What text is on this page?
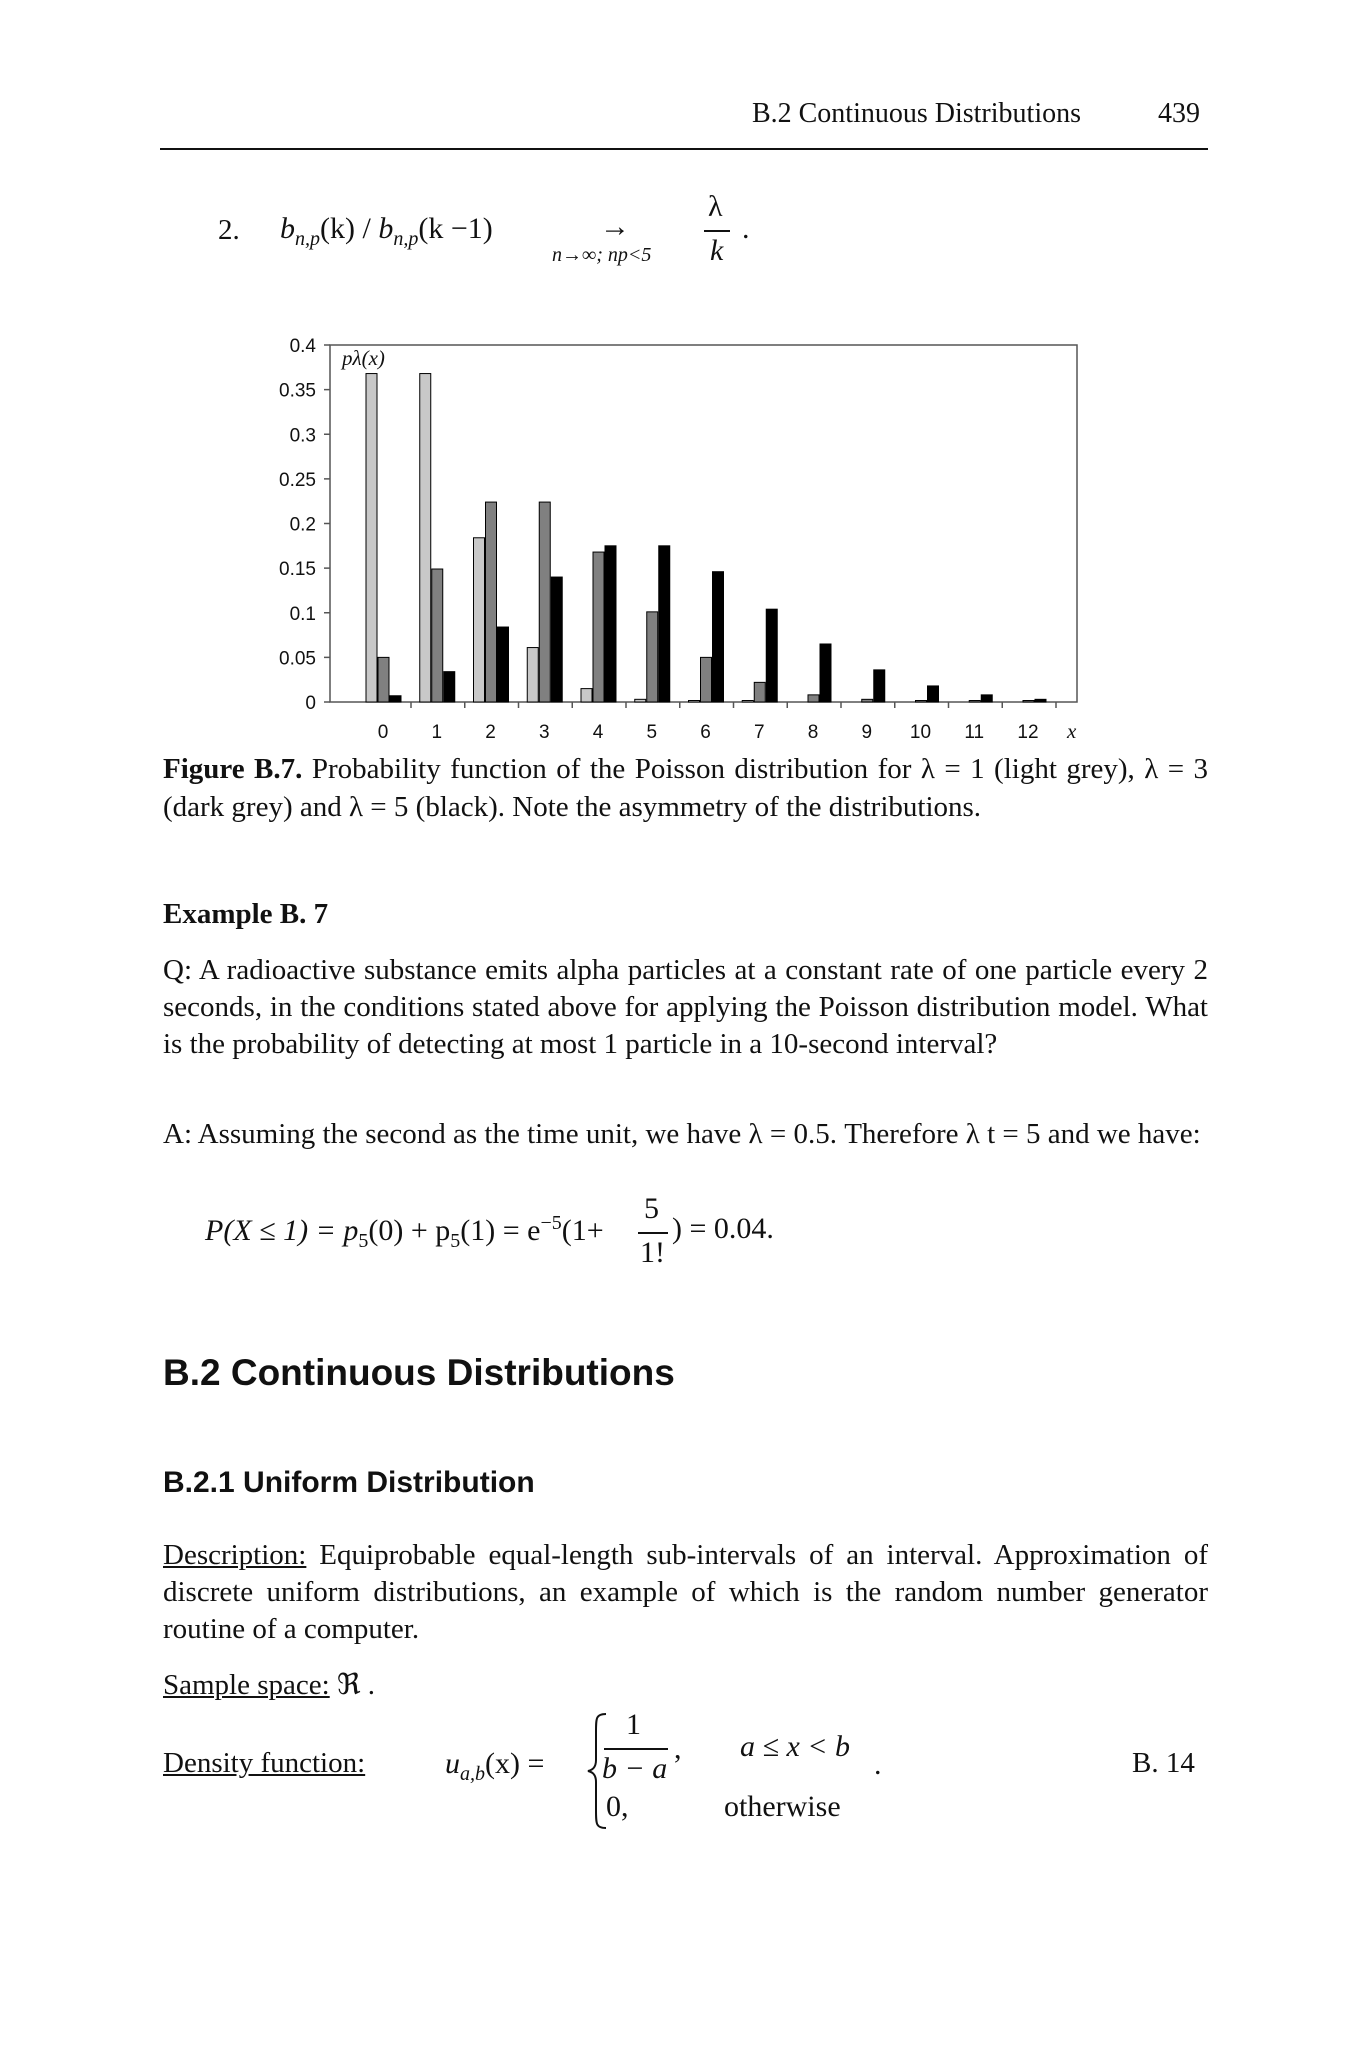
B.2 Continuous Distributions	439
2. $b_{n,p}(k) / b_{n,p}(k -1)$	→
n→∞; np<5
λ
k
.
0
0.05
0.1
0.15
0.2
0.25
0.3
0.35
0.4 pλ(x)
0 1 2 3 4 5 6 7 8 9 10 11 12 x
Figure B.7. Probability function of the Poisson distribution for λ = 1 (light grey), λ = 3 (dark grey) and λ = 5 (black). Note the asymmetry of the distributions.
Example B. 7
Q: A radioactive substance emits alpha particles at a constant rate of one particle every 2 seconds, in the conditions stated above for applying the Poisson distribution model. What is the probability of detecting at most 1 particle in a 10-second interval?
A: Assuming the second as the time unit, we have λ = 0.5. Therefore λ t = 5 and we have:
$P(X \le 1) = p_5(0) + p_5(1) = e^{-5}(1+$
5
1!
) = 0.04.
B.2 Continuous Distributions
B.2.1 Uniform Distribution
Description: Equiprobable equal-length sub-intervals of an interval. Approximation of discrete uniform distributions, an example of which is the random number generator routine of a computer.
Sample space: ℜ .
Density function:	$u_{a,b}(x)$ =
1
b − a
, a ≤ x < b
0,	otherwise
.	B. 14
